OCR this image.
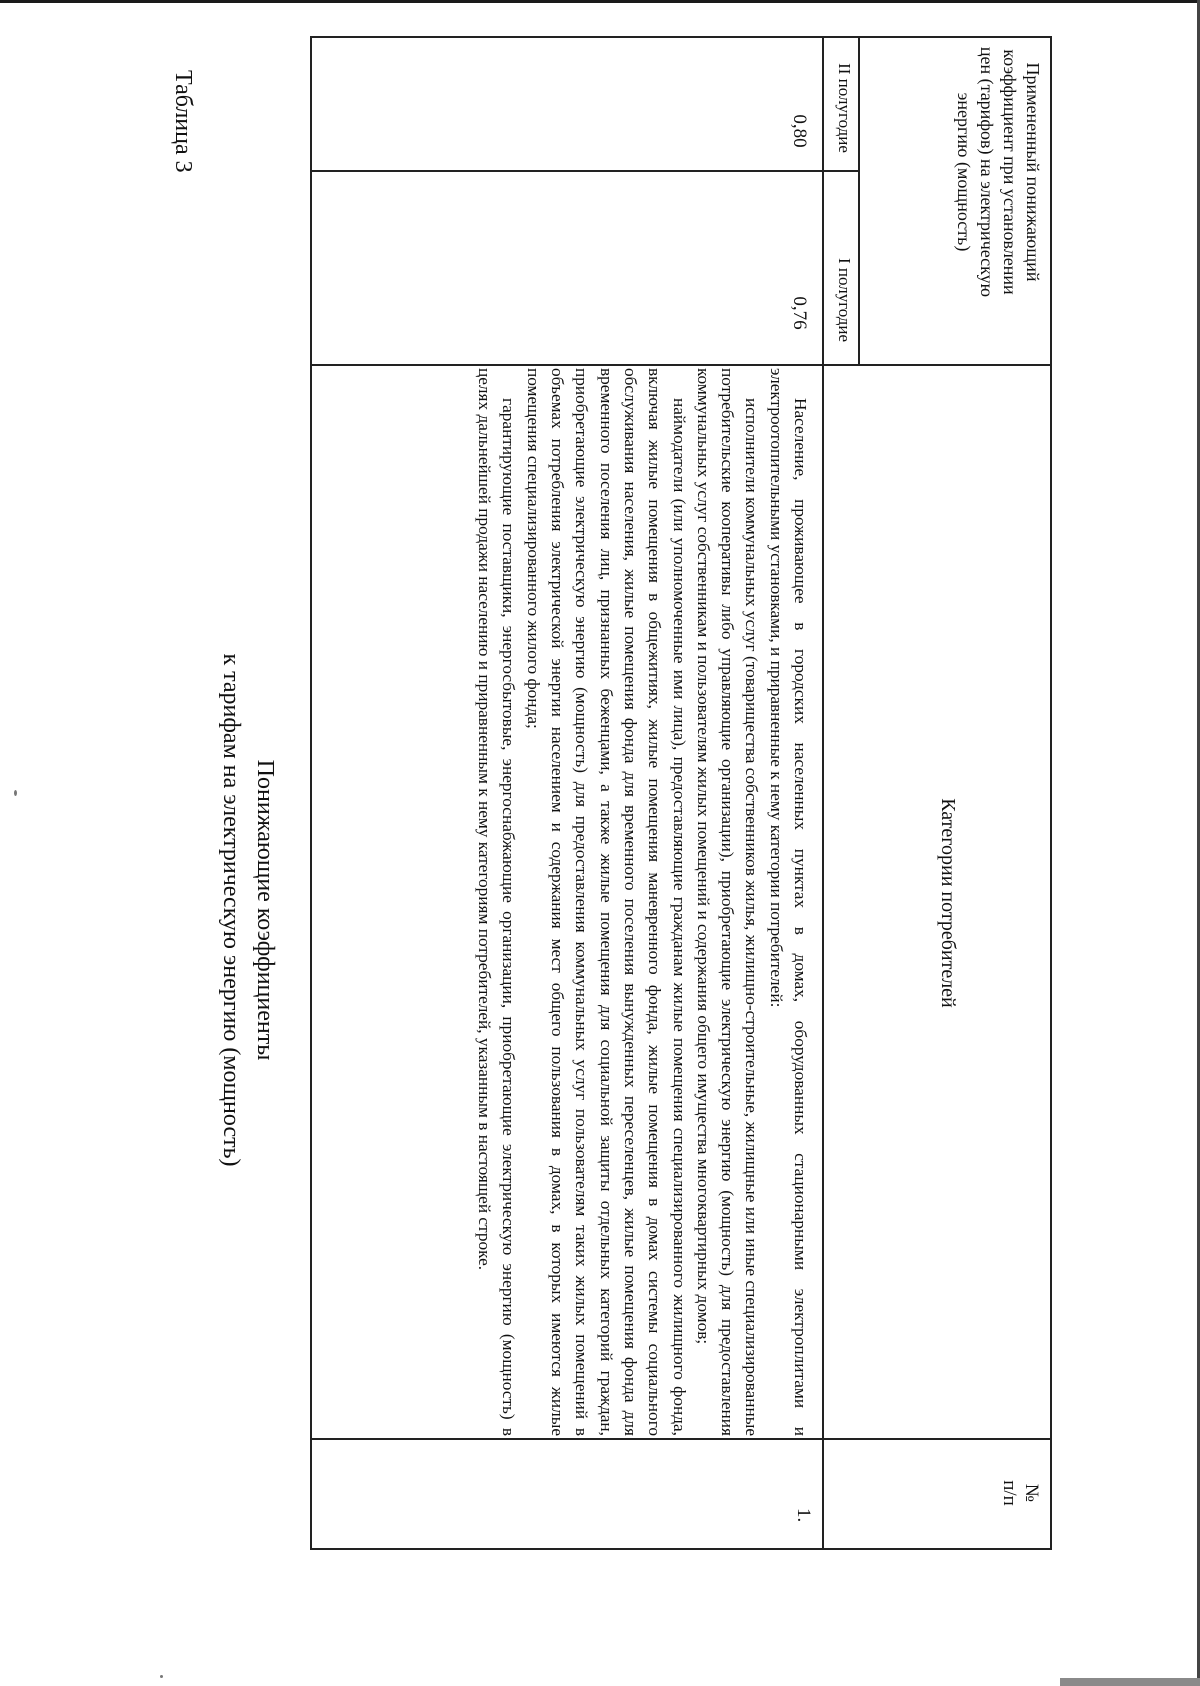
Таблица 3
Понижающие коэффициенты
к тарифам на электрическую энергию (мощность)
№
п/п
Категории потребителей
Примененный понижающий коэффициент при установлении цен (тарифов) на электрическую энергию (мощность)
I полугодие
II полугодие
1.

Население, проживающее в городских населенных пунктах в домах, оборудованных стационарными электроплитами и электроотопительными установками, и приравненные к нему категории потребителей:

исполнители коммунальных услуг (товарищества собственников жилья, жилищно-строительные, жилищные или иные специализированные потребительские кооперативы либо управляющие организации), приобретающие электрическую энергию (мощность) для предоставления коммунальных услуг собственникам и пользователям жилых помещений и содержания общего имущества многоквартирных домов;

наймодатели (или уполномоченные ими лица), предоставляющие гражданам жилые помещения специализированного жилищного фонда, включая жилые помещения в общежитиях, жилые помещения маневренного фонда, жилые помещения в домах системы социального обслуживания населения, жилые помещения фонда для временного поселения вынужденных переселенцев, жилые помещения фонда для временного поселения лиц, признанных беженцами, а также жилые помещения для социальной защиты отдельных категорий граждан, приобретающие электрическую энергию (мощность) для предоставления коммунальных услуг пользователям таких жилых помещений в объемах потребления электрической энергии населением и содержания мест общего пользования в домах, в которых имеются жилые помещения специализированного жилого фонда;

гарантирующие поставщики, энергосбытовые, энергоснабжающие организации, приобретающие электрическую энергию (мощность) в целях дальнейшей продажи населению и приравненным к нему категориям потребителей, указанным в настоящей строке.

0,76
0,80
